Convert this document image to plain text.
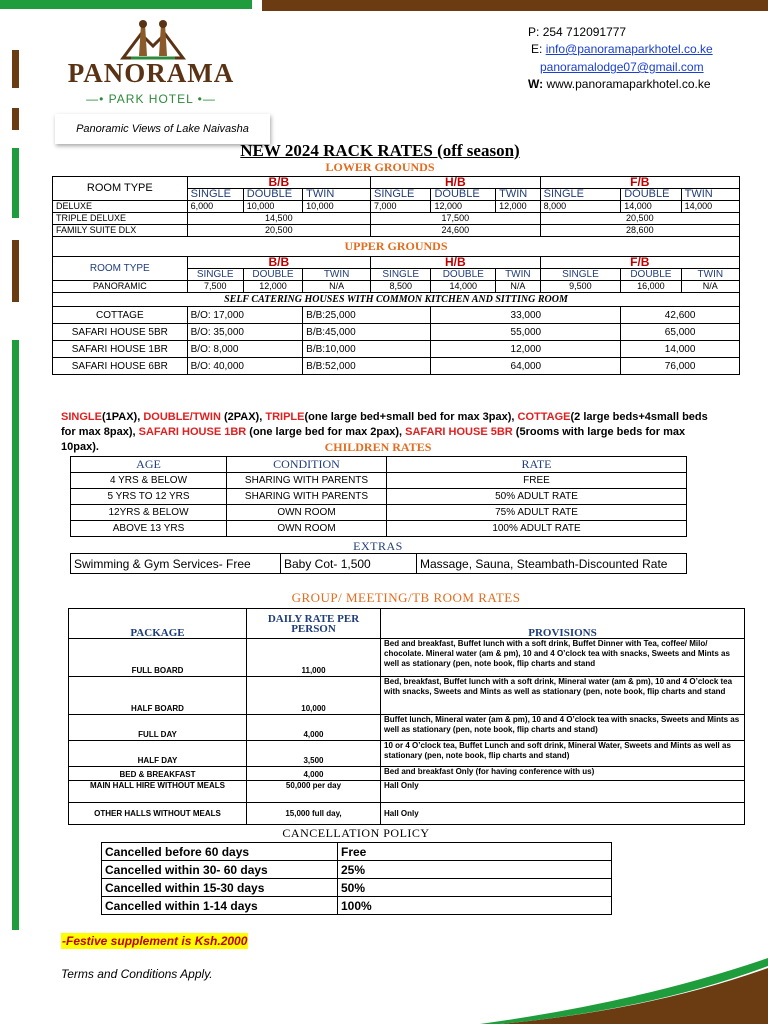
PANORAMA
—• PARK HOTEL •—
Panoramic Views of Lake Naivasha
P: 254 712091777
E: info@panoramaparkhotel.co.ke
panoramalodge07@gmail.com
W: www.panoramaparkhotel.co.ke
NEW 2024 RACK RATES (off season)
LOWER GROUNDS
ROOM TYPE	B/B			H/B			F/B		
	SINGLE	DOUBLE	TWIN	SINGLE	DOUBLE	TWIN	SINGLE	DOUBLE	TWIN
DELUXE	6,000	10,000	10,000	7,000	12,000	12,000	8,000	14,000	14,000
TRIPLE DELUXE	14,500			17,500			20,500		
FAMILY SUITE DLX	20,500			24,600			28,600		
UPPER GROUNDS									
ROOM TYPE	B/B			H/B			F/B		
	SINGLE	DOUBLE	TWIN	SINGLE	DOUBLE	TWIN	SINGLE	DOUBLE	TWIN
PANORAMIC	7,500	12,000	N/A	8,500	14,000	N/A	9,500	16,000	N/A
SELF CATERING HOUSES WITH COMMON KITCHEN AND SITTING ROOM									
COTTAGE	B/O: 17,000		B/B:25,000		33,000			42,600	
SAFARI HOUSE 5BR	B/O: 35,000		B/B:45,000		55,000			65,000	
SAFARI HOUSE 1BR	B/O: 8,000		B/B:10,000		12,000			14,000	
SAFARI HOUSE 6BR	B/O: 40,000		B/B:52,000		64,000			76,000	
SINGLE(1PAX), DOUBLE/TWIN (2PAX), TRIPLE(one large bed+small bed for max 3pax), COTTAGE(2 large beds+4small beds for max 8pax), SAFARI HOUSE 1BR (one large bed for max 2pax), SAFARI HOUSE 5BR (5rooms with large beds for max 10pax).	CHILDREN RATES
AGE	CONDITION	RATE
4 YRS & BELOW	SHARING WITH PARENTS	FREE
5 YRS TO 12 YRS	SHARING WITH PARENTS	50% ADULT RATE
12YRS & BELOW	OWN ROOM	75% ADULT RATE
ABOVE 13 YRS	OWN ROOM	100% ADULT RATE
EXTRAS
Swimming & Gym Services- Free	Baby Cot- 1,500	Massage, Sauna, Steambath-Discounted Rate
GROUP/ MEETING/TB ROOM RATES
PACKAGE	DAILY RATE PER PERSON	PROVISIONS
FULL BOARD	11,000	Bed and breakfast, Buffet lunch with a soft drink, Buffet Dinner with Tea, coffee/ Milo/ chocolate. Mineral water (am & pm), 10 and 4 O’clock tea with snacks, Sweets and Mints as well as stationary (pen, note book, flip charts and stand
HALF BOARD	10,000	Bed, breakfast, Buffet lunch with a soft drink, Mineral water (am & pm), 10 and 4 O’clock tea with snacks, Sweets and Mints as well as stationary (pen, note book, flip charts and stand
FULL DAY	4,000	Buffet lunch, Mineral water (am & pm), 10 and 4 O’clock tea with snacks, Sweets and Mints as well as stationary (pen, note book, flip charts and stand)
HALF DAY	3,500	10 or 4 O’clock tea, Buffet Lunch and soft drink, Mineral Water, Sweets and Mints as well as stationary (pen, note book, flip charts and stand)
BED & BREAKFAST	4,000	Bed and breakfast Only (for having conference with us)
MAIN HALL HIRE WITHOUT MEALS	50,000 per day	Hall Only
OTHER HALLS WITHOUT MEALS	15,000 full day,	Hall Only
CANCELLATION POLICY
Cancelled before 60 days	Free
Cancelled within 30- 60 days	25%
Cancelled within 15-30 days	50%
Cancelled within 1-14 days	100%
-Festive supplement is Ksh.2000
Terms and Conditions Apply.
